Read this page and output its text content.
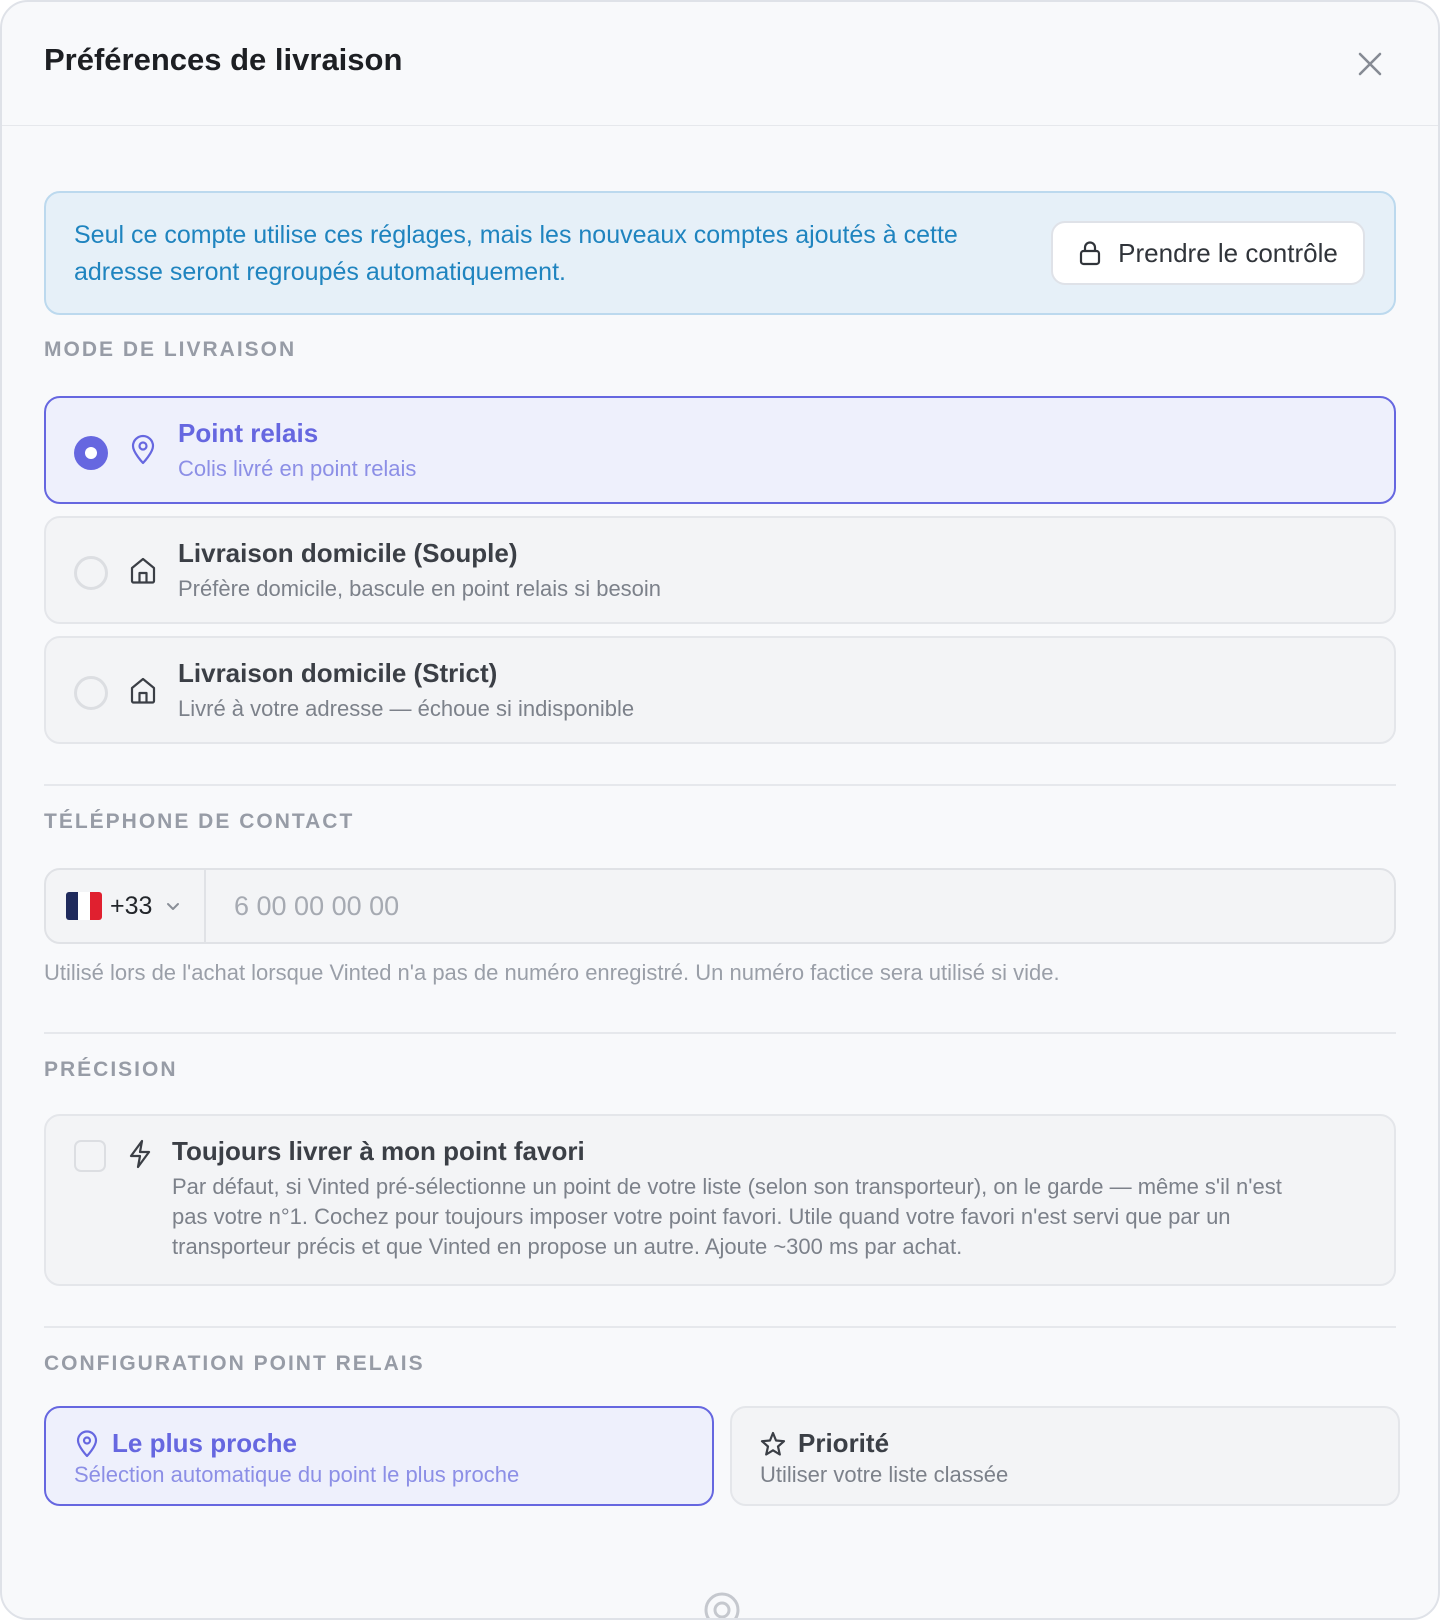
Préférences de livraison
Seul ce compte utilise ces réglages, mais les nouveaux comptes ajoutés à cette adresse seront regroupés automatiquement.
Prendre le contrôle
MODE DE LIVRAISON
Point relais
Colis livré en point relais
Livraison domicile (Souple)
Préfère domicile, bascule en point relais si besoin
Livraison domicile (Strict)
Livré à votre adresse — échoue si indisponible
TÉLÉPHONE DE CONTACT
+33
6 00 00 00 00
Utilisé lors de l'achat lorsque Vinted n'a pas de numéro enregistré. Un numéro factice sera utilisé si vide.
PRÉCISION
Toujours livrer à mon point favori
Par défaut, si Vinted pré-sélectionne un point de votre liste (selon son transporteur), on le garde — même s'il n'est pas votre n°1. Cochez pour toujours imposer votre point favori. Utile quand votre favori n'est servi que par un transporteur précis et que Vinted en propose un autre. Ajoute ~300 ms par achat.
CONFIGURATION POINT RELAIS
Le plus proche
Sélection automatique du point le plus proche
Priorité
Utiliser votre liste classée
